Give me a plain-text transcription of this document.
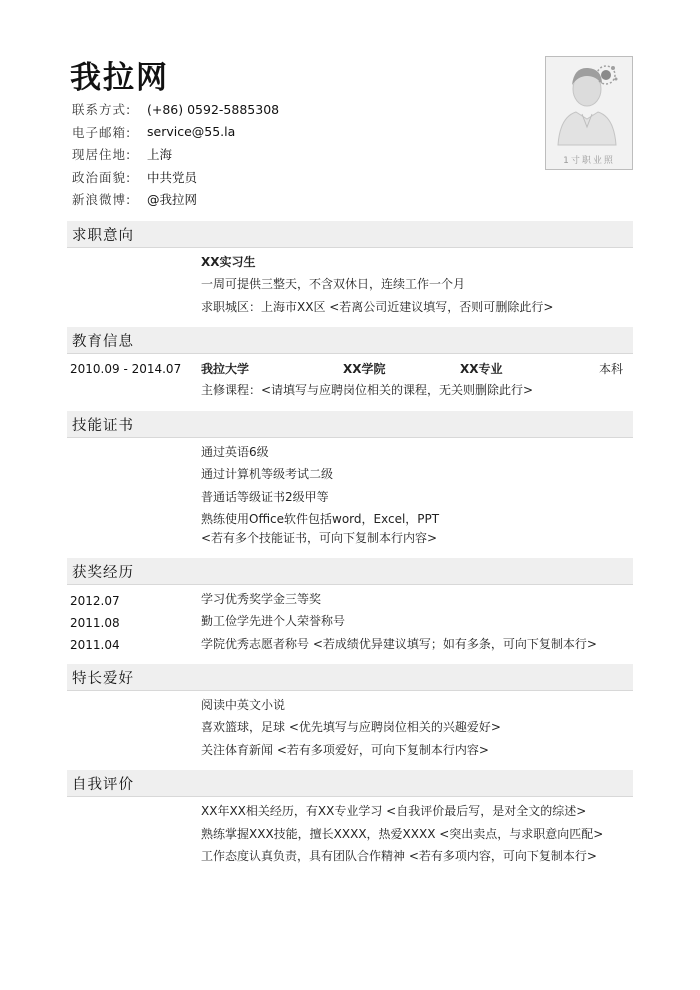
我拉网
联系方式:	(+86) 0592-5885308
电子邮箱:	service@55.la
现居住地:	上海
政治面貌:	中共党员
新浪微博:	@我拉网
1寸职业照
求职意向
XX实习生
一周可提供三整天，不含双休日，连续工作一个月
求职城区：上海市XX区 <若离公司近建议填写，否则可删除此行>
教育信息
2010.09 - 2014.07 我拉大学	XX学院	XX专业	本科
主修课程：<请填写与应聘岗位相关的课程，无关则删除此行>
技能证书
通过英语6级
通过计算机等级考试二级
普通话等级证书2级甲等
熟练使用Office软件包括word，Excel，PPT
<若有多个技能证书，可向下复制本行内容>
获奖经历
2012.07	学习优秀奖学金三等奖
2011.08	勤工俭学先进个人荣誉称号
2011.04	学院优秀志愿者称号 <若成绩优异建议填写；如有多条，可向下复制本行>
特长爱好
阅读中英文小说
喜欢篮球，足球 <优先填写与应聘岗位相关的兴趣爱好>
关注体育新闻 <若有多项爱好，可向下复制本行内容>
自我评价
XX年XX相关经历，有XX专业学习 <自我评价最后写，是对全文的综述>
熟练掌握XXX技能，擅长XXXX，热爱XXXX <突出卖点，与求职意向匹配>
工作态度认真负责，具有团队合作精神 <若有多项内容，可向下复制本行>
